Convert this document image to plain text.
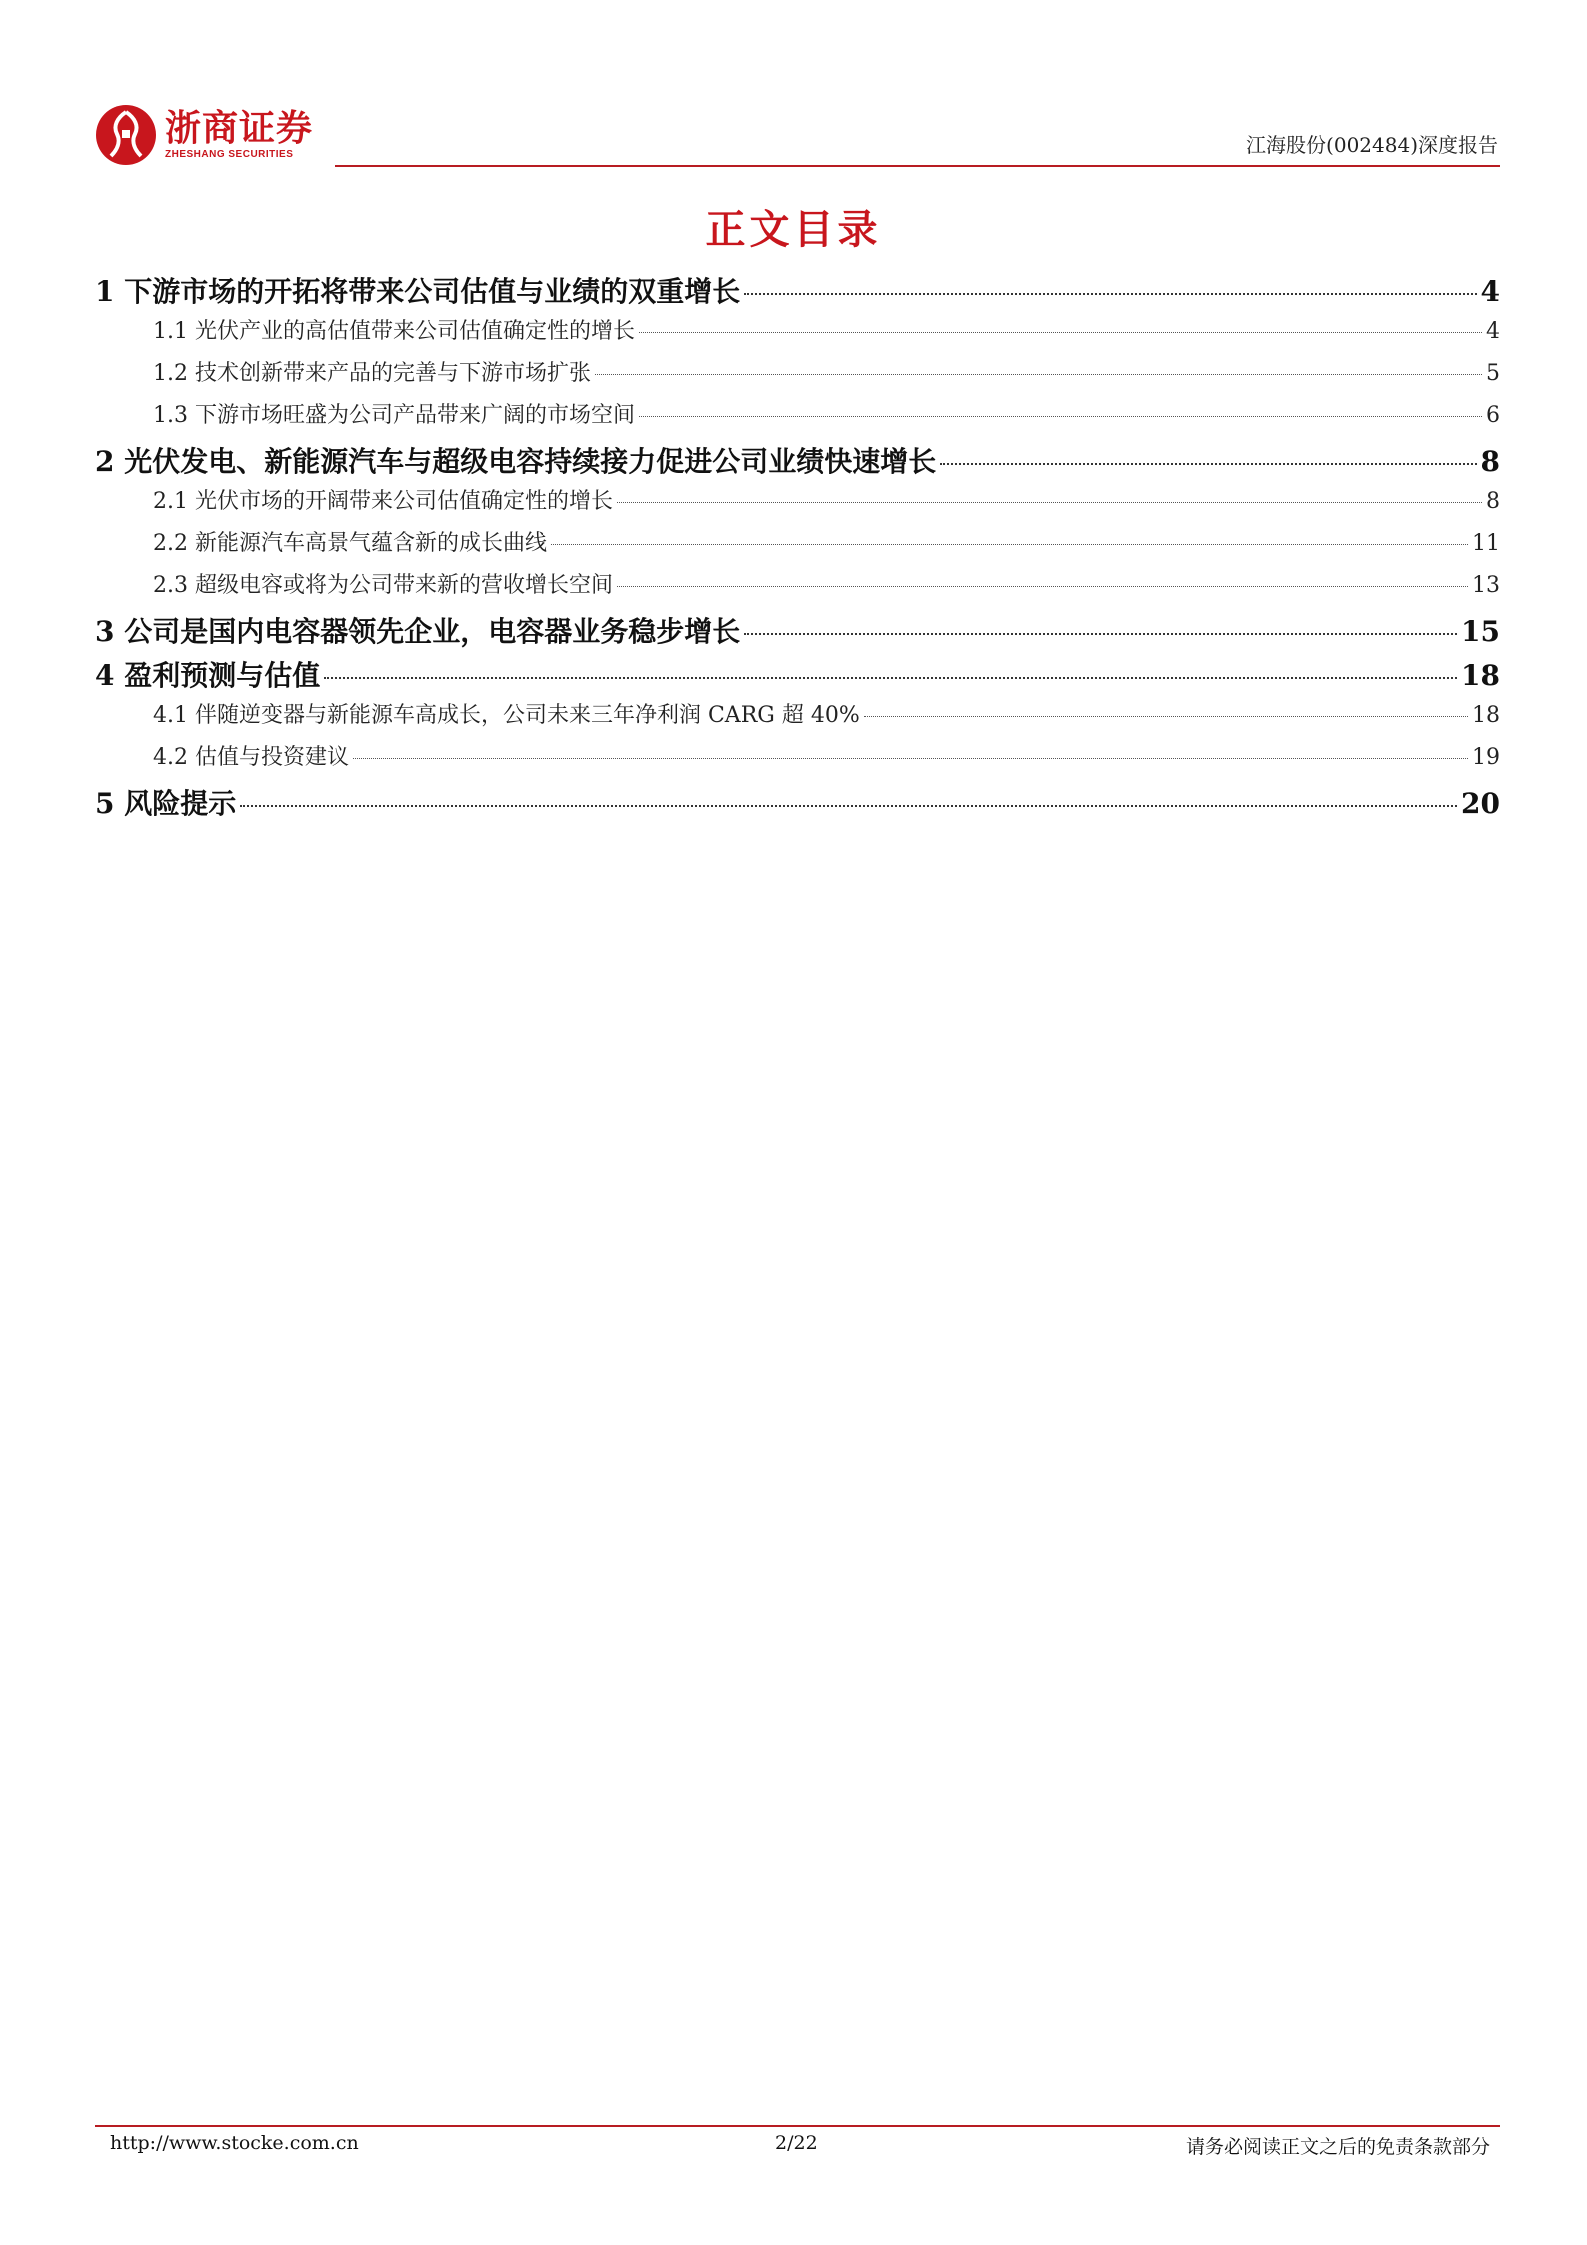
浙商证券
ZHESHANG SECURITIES	江海股份(002484)深度报告
正文目录
1 下游市场的开拓将带来公司估值与业绩的双重增长	4
1.1 光伏产业的高估值带来公司估值确定性的增长	4
1.2 技术创新带来产品的完善与下游市场扩张	5
1.3 下游市场旺盛为公司产品带来广阔的市场空间	6
2 光伏发电、新能源汽车与超级电容持续接力促进公司业绩快速增长	8
2.1 光伏市场的开阔带来公司估值确定性的增长	8
2.2 新能源汽车高景气蕴含新的成长曲线	11
2.3 超级电容或将为公司带来新的营收增长空间	13
3 公司是国内电容器领先企业，电容器业务稳步增长	15
4 盈利预测与估值	18
4.1 伴随逆变器与新能源车高成长，公司未来三年净利润 CARG 超 40%	18
4.2 估值与投资建议	19
5 风险提示	20
http://www.stocke.com.cn	2/22	请务必阅读正文之后的免责条款部分
